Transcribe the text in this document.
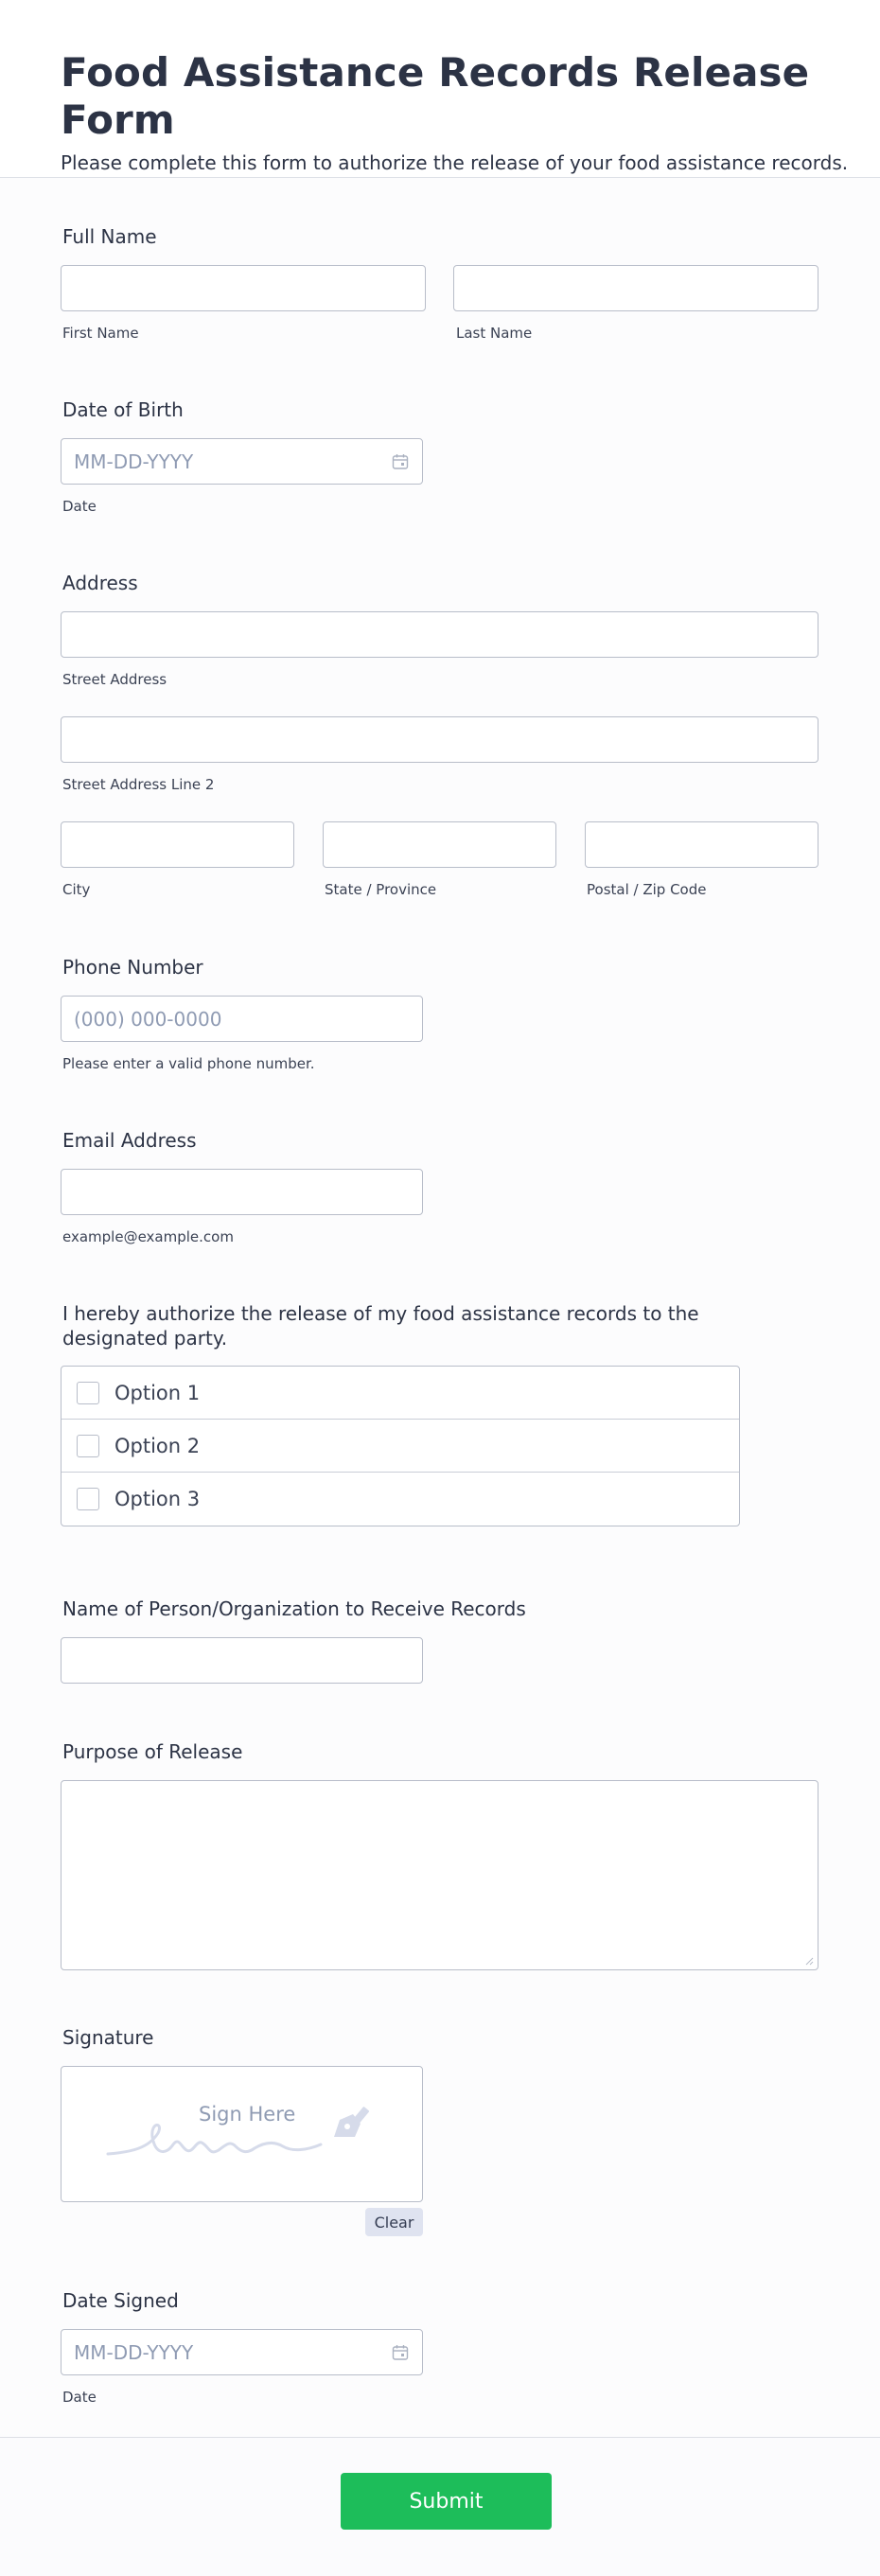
Food Assistance Records Release Form

Please complete this form to authorize the release of your food assistance records.

Full Name
First Name	Last Name
Date of Birth
MM-DD-YYYY
Date
Address
Street Address
Street Address Line 2
City	State / Province	Postal / Zip Code
Phone Number
(000) 000-0000
Please enter a valid phone number.
Email Address
example@example.com
I hereby authorize the release of my food assistance records to the designated party.
Option 1
Option 2
Option 3
Name of Person/Organization to Receive Records
Purpose of Release
Signature
Sign Here
Clear
Date Signed
MM-DD-YYYY
Date
Submit
